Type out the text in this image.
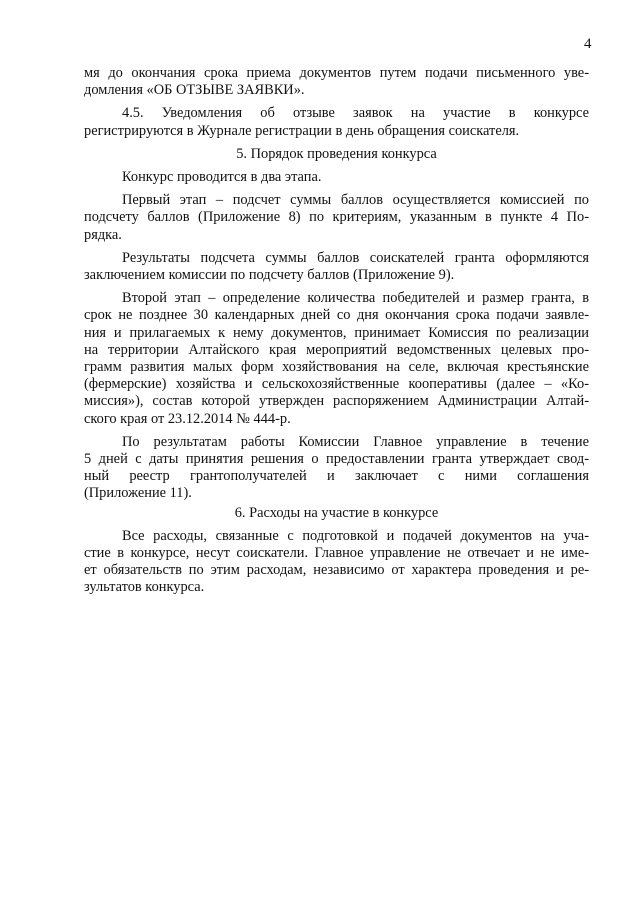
4

мя до окончания срока приема документов путем подачи письменного уве-
домления «ОБ ОТЗЫВЕ ЗАЯВКИ».

4.5. Уведомления об отзыве заявок на участие в конкурсе
регистрируются в Журнале регистрации в день обращения соискателя.

5. Порядок проведения конкурса

Конкурс проводится в два этапа.

Первый этап – подсчет суммы баллов осуществляется комиссией по
подсчету баллов (Приложение 8) по критериям, указанным в пункте 4 По-
рядка.

Результаты подсчета суммы баллов соискателей гранта оформляются
заключением комиссии по подсчету баллов (Приложение 9).

Второй этап – определение количества победителей и размер гранта, в
срок не позднее 30 календарных дней со дня окончания срока подачи заявле-
ния и прилагаемых к нему документов, принимает Комиссия по реализации
на территории Алтайского края мероприятий ведомственных целевых про-
грамм развития малых форм хозяйствования на селе, включая крестьянские
(фермерские) хозяйства и сельскохозяйственные кооперативы (далее – «Ко-
миссия»), состав которой утвержден распоряжением Администрации Алтай-
ского края от 23.12.2014 № 444-р.

По результатам работы Комиссии Главное управление в течение
5 дней с даты принятия решения о предоставлении гранта утверждает свод-
ный реестр грантополучателей и заключает с ними соглашения
(Приложение 11).

6. Расходы на участие в конкурсе

Все расходы, связанные с подготовкой и подачей документов на уча-
стие в конкурсе, несут соискатели. Главное управление не отвечает и не име-
ет обязательств по этим расходам, независимо от характера проведения и ре-
зультатов конкурса.
